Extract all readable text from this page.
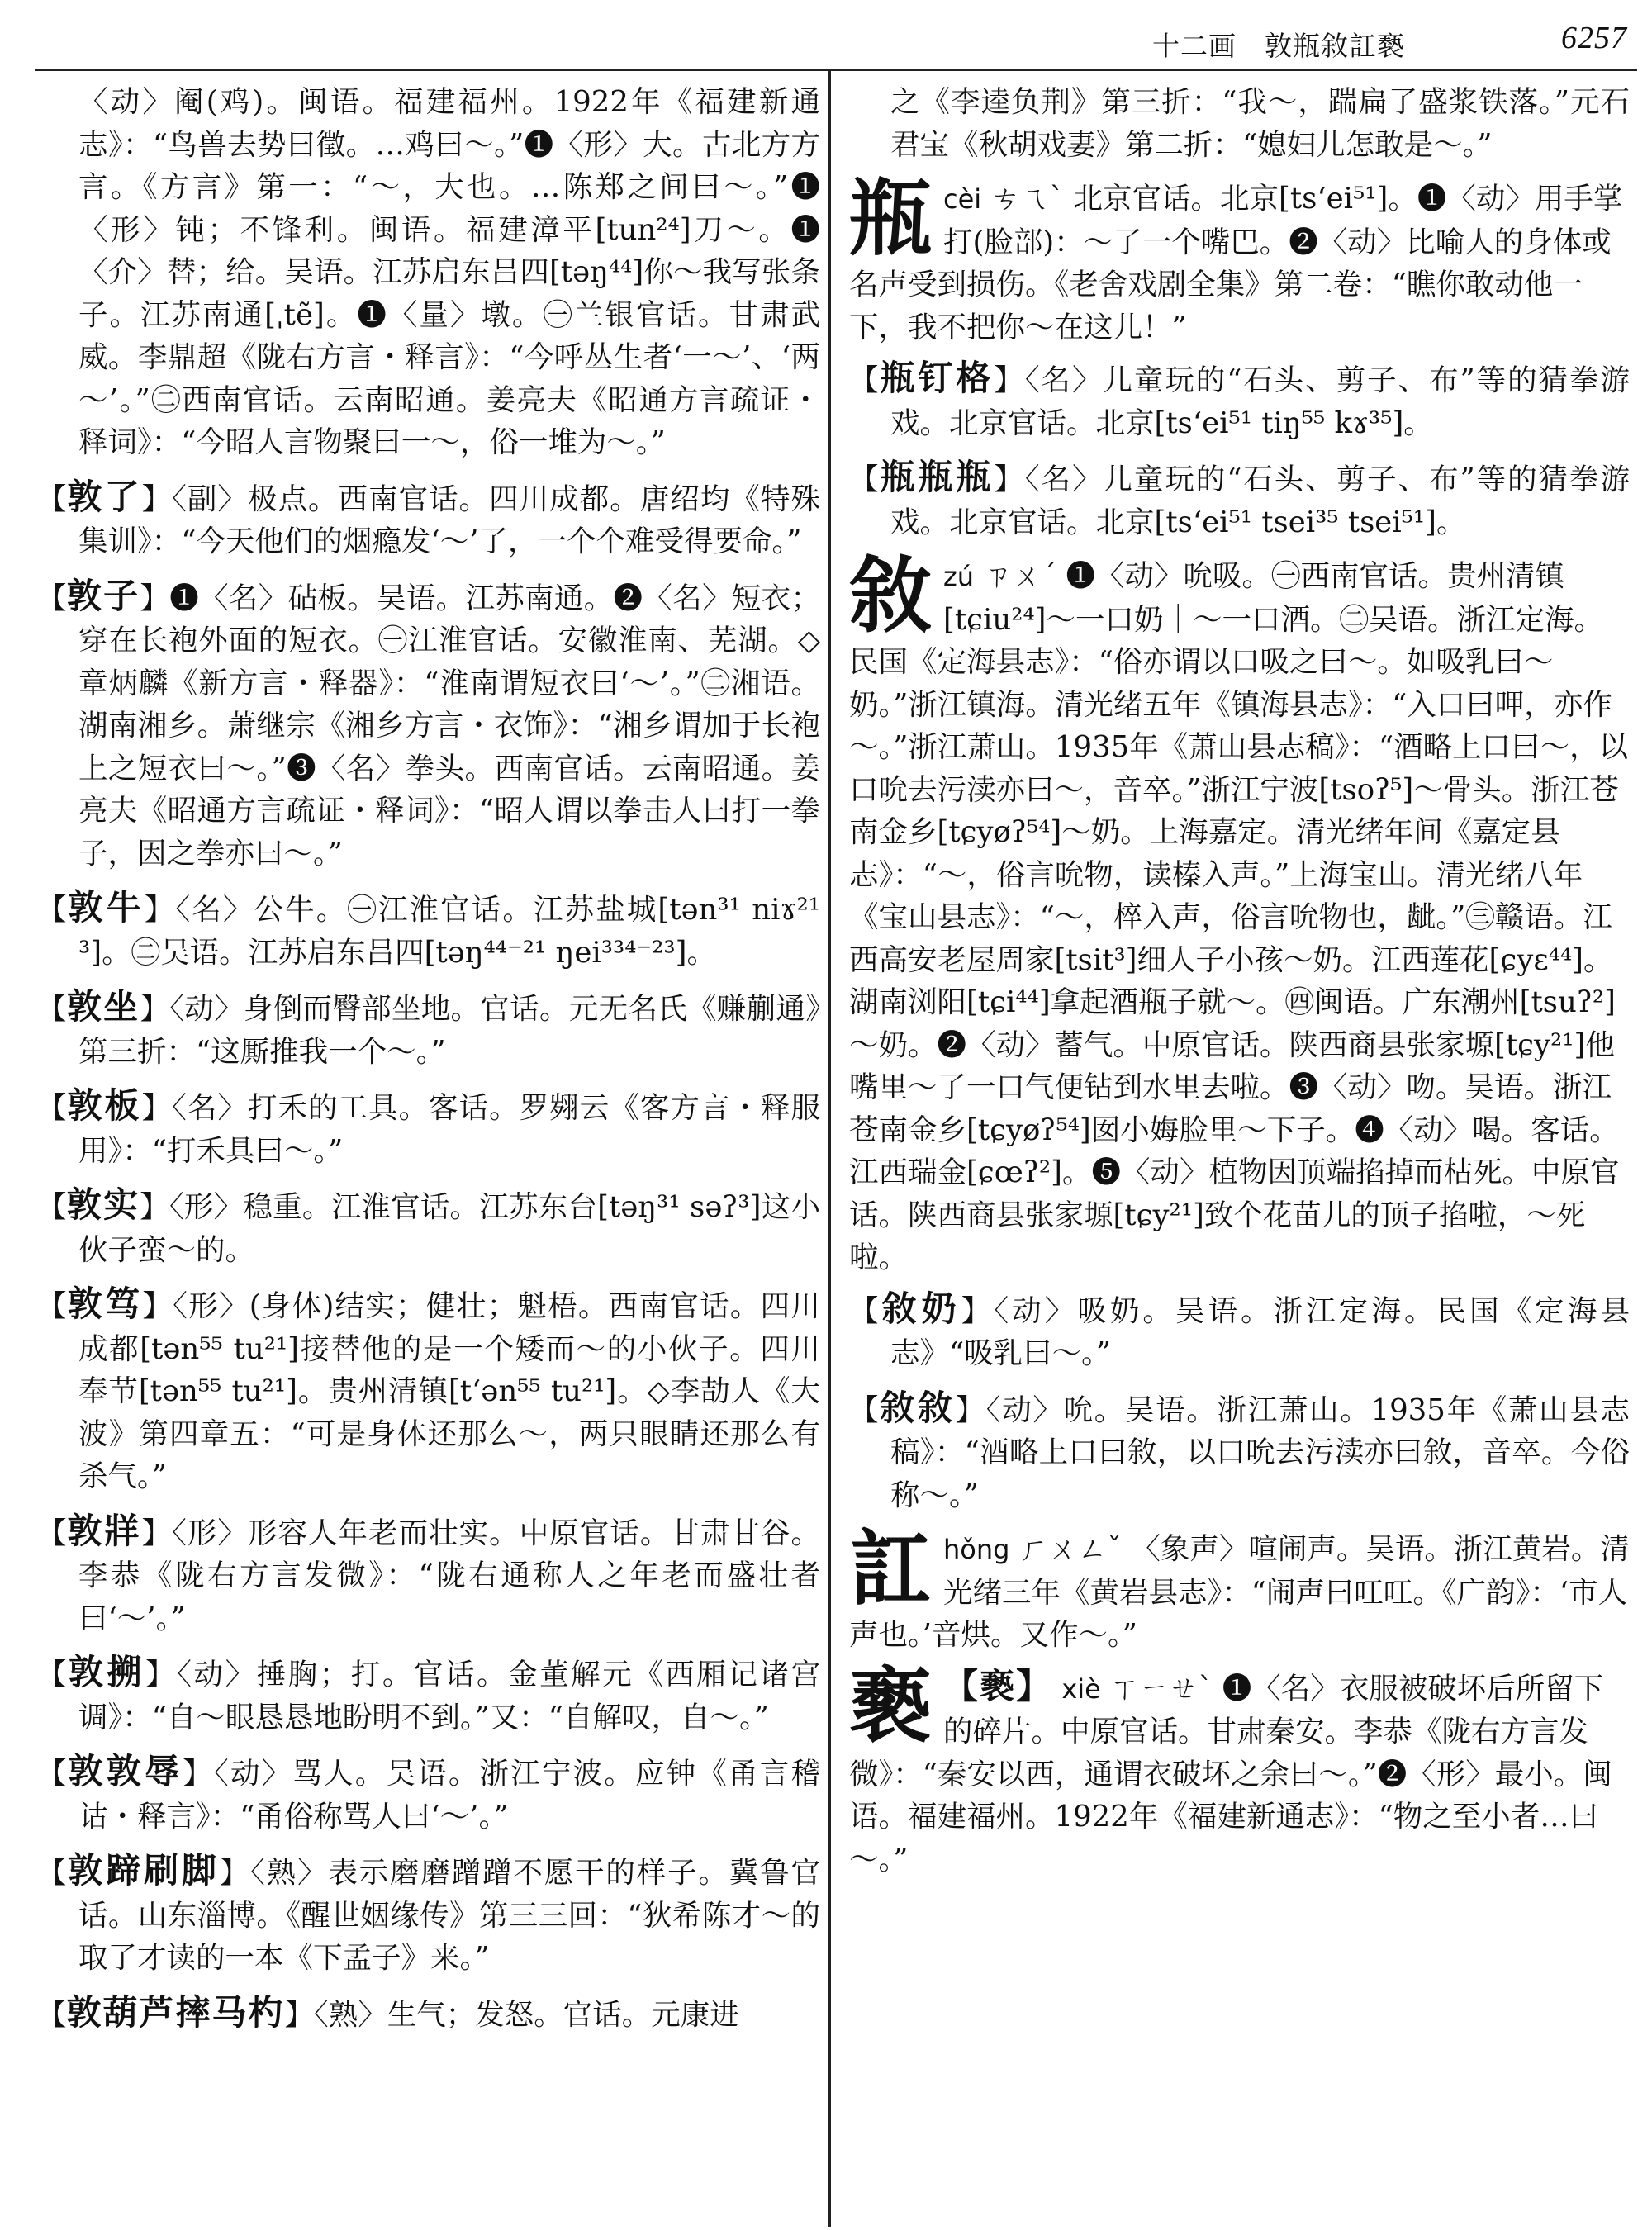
十二画　敦瓶敘訌褻	6257

〈动〉阉(鸡)。闽语。福建福州。1922年《福建新通志》：“鸟兽去势曰徵。…鸡曰～。”❶〈形〉大。古北方方言。《方言》第一：“～，大也。…陈郑之间曰～。”❶〈形〉钝；不锋利。闽语。福建漳平[tun²⁴]刀～。❶〈介〉替；给。吴语。江苏启东吕四[təŋ⁴⁴]你～我写张条子。江苏南通[ˌtẽ]。❶〈量〉墩。㊀兰银官话。甘肃武威。李鼎超《陇右方言・释言》：“今呼丛生者‘一～’、‘两～’。”㊁西南官话。云南昭通。姜亮夫《昭通方言疏证・释词》：“今昭人言物聚曰一～，俗一堆为～。”

【敦了】〈副〉极点。西南官话。四川成都。唐绍均《特殊集训》：“今天他们的烟瘾发‘～’了，一个个难受得要命。”

【敦子】❶〈名〉砧板。吴语。江苏南通。❷〈名〉短衣；穿在长袍外面的短衣。㊀江淮官话。安徽淮南、芜湖。◇章炳麟《新方言・释器》：“淮南谓短衣曰‘～’。”㊁湘语。湖南湘乡。萧继宗《湘乡方言・衣饰》：“湘乡谓加于长袍上之短衣曰～。”❸〈名〉拳头。西南官话。云南昭通。姜亮夫《昭通方言疏证・释词》：“昭人谓以拳击人曰打一拳子，因之拳亦曰～。”

【敦牛】〈名〉公牛。㊀江淮官话。江苏盐城[tən³¹ niɤ²¹³]。㊁吴语。江苏启东吕四[təŋ⁴⁴⁻²¹ ŋei³³⁴⁻²³]。

【敦坐】〈动〉身倒而臀部坐地。官话。元无名氏《赚蒯通》第三折：“这厮推我一个～。”

【敦板】〈名〉打禾的工具。客话。罗翙云《客方言・释服用》：“打禾具曰～。”

【敦实】〈形〉稳重。江淮官话。江苏东台[təŋ³¹ səʔ³]这小伙子蛮～的。

【敦笃】〈形〉(身体)结实；健壮；魁梧。西南官话。四川成都[tən⁵⁵ tu²¹]接替他的是一个矮而～的小伙子。四川奉节[tən⁵⁵ tu²¹]。贵州清镇[tʻən⁵⁵ tu²¹]。◇李劼人《大波》第四章五：“可是身体还那么～，两只眼睛还那么有杀气。”

【敦牂】〈形〉形容人年老而壮实。中原官话。甘肃甘谷。李恭《陇右方言发微》：“陇右通称人之年老而盛壮者曰‘～’。”

【敦搠】〈动〉捶胸；打。官话。金董解元《西厢记诸宫调》：“自～眼恳恳地盼明不到。”又：“自解叹，自～。”

【敦敦辱】〈动〉骂人。吴语。浙江宁波。应钟《甬言稽诂・释言》：“甬俗称骂人曰‘～’。”

【敦蹄刷脚】〈熟〉表示磨磨蹭蹭不愿干的样子。冀鲁官话。山东淄博。《醒世姻缘传》第三三回：“狄希陈才～的取了才读的一本《下孟子》来。”

【敦葫芦摔马杓】〈熟〉生气；发怒。官话。元康进

之《李逵负荆》第三折：“我～，踹扁了盛浆铁落。”元石君宝《秋胡戏妻》第二折：“媳妇儿怎敢是～。”

瓶 cèi ㄘㄟˋ 北京官话。北京[tsʻei⁵¹]。❶〈动〉用手掌打(脸部)：～了一个嘴巴。❷〈动〉比喻人的身体或名声受到损伤。《老舍戏剧全集》第二卷：“瞧你敢动他一下，我不把你～在这儿！”

【瓶钉格】〈名〉儿童玩的“石头、剪子、布”等的猜拳游戏。北京官话。北京[tsʻei⁵¹ tiŋ⁵⁵ kɤ³⁵]。

【瓶瓶瓶】〈名〉儿童玩的“石头、剪子、布”等的猜拳游戏。北京官话。北京[tsʻei⁵¹ tsei³⁵ tsei⁵¹]。

敘 zú ㄗㄨˊ ❶〈动〉吮吸。㊀西南官话。贵州清镇[tɕiu²⁴]～一口奶｜～一口酒。㊁吴语。浙江定海。民国《定海县志》：“俗亦谓以口吸之曰～。如吸乳曰～奶。”浙江镇海。清光绪五年《镇海县志》：“入口曰呷，亦作～。”浙江萧山。1935年《萧山县志稿》：“酒略上口曰～，以口吮去污渎亦曰～，音卒。”浙江宁波[tsoʔ⁵]～骨头。浙江苍南金乡[tɕyøʔ⁵⁴]～奶。上海嘉定。清光绪年间《嘉定县志》：“～，俗言吮物，读榛入声。”上海宝山。清光绪八年《宝山县志》：“～，椊入声，俗言吮物也，龇。”㊂赣语。江西高安老屋周家[tsit³]细人子小孩～奶。江西莲花[ɕyɛ⁴⁴]。湖南浏阳[tɕi⁴⁴]拿起酒瓶子就～。㊃闽语。广东潮州[tsuʔ²]～奶。❷〈动〉蓄气。中原官话。陕西商县张家塬[tɕy²¹]他嘴里～了一口气便钻到水里去啦。❸〈动〉吻。吴语。浙江苍南金乡[tɕyøʔ⁵⁴]囡小娒脸里～下子。❹〈动〉喝。客话。江西瑞金[ɕœʔ²]。❺〈动〉植物因顶端掐掉而枯死。中原官话。陕西商县张家塬[tɕy²¹]致个花苗儿的顶子掐啦，～死啦。

【敘奶】〈动〉吸奶。吴语。浙江定海。民国《定海县志》“吸乳曰～。”

【敘敘】〈动〉吮。吴语。浙江萧山。1935年《萧山县志稿》：“酒略上口曰敘，以口吮去污渎亦曰敘，音卒。今俗称～。”

訌 hǒng ㄏㄨㄥˇ 〈象声〉喧闹声。吴语。浙江黄岩。清光绪三年《黄岩县志》：“闹声曰叿叿。《广韵》：‘市人声也。’音烘。又作～。”
褻 【褻】 xiè ㄒㄧㄝˋ ❶〈名〉衣服被破坏后所留下的碎片。中原官话。甘肃秦安。李恭《陇右方言发微》：“秦安以西，通谓衣破坏之余曰～。”❷〈形〉最小。闽语。福建福州。1922年《福建新通志》：“物之至小者…曰～。”
